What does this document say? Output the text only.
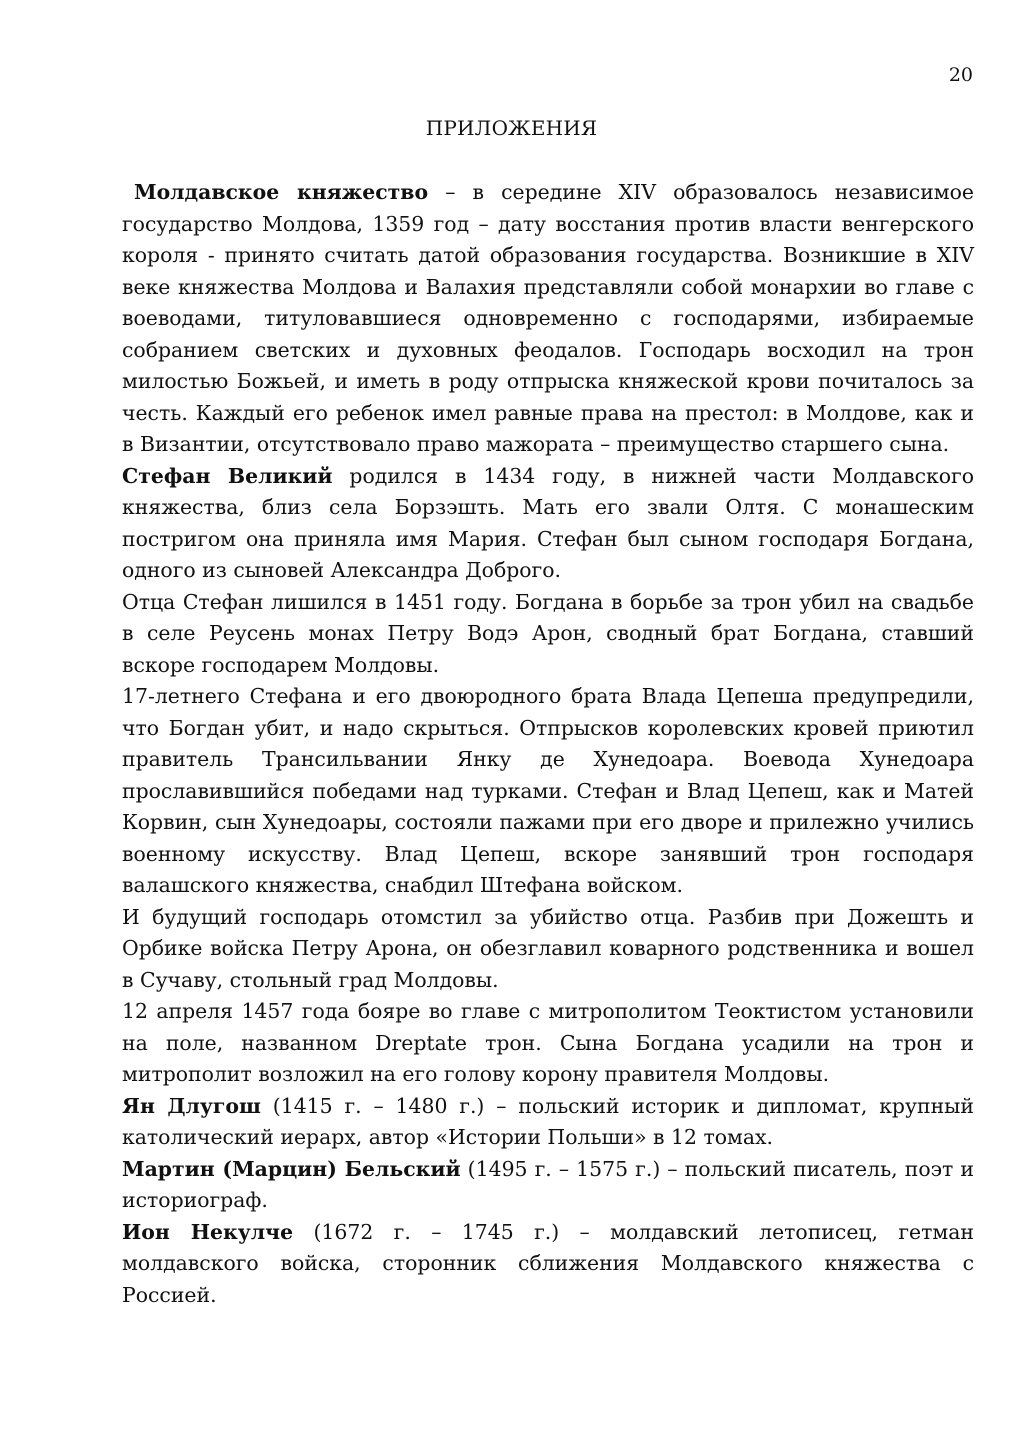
20
ПРИЛОЖЕНИЯ

Молдавское княжество – в середине XIV образовалось независимое государство Молдова, 1359 год – дату восстания против власти венгерского короля - принято считать датой образования государства. Возникшие в XIV веке княжества Молдова и Валахия представляли собой монархии во главе с воеводами, титуловавшиеся одновременно с господарями, избираемые собранием светских и духовных феодалов. Господарь восходил на трон милостью Божьей, и иметь в роду отпрыска княжеской крови почиталось за честь. Каждый его ребенок имел равные права на престол: в Молдове, как и в Византии, отсутствовало право мажората – преимущество старшего сына.

Стефан Великий родился в 1434 году, в нижней части Молдавского княжества, близ села Борзэшть. Мать его звали Олтя. С монашеским постригом она приняла имя Мария. Стефан был сыном господаря Богдана, одного из сыновей Александра Доброго.

Отца Стефан лишился в 1451 году. Богдана в борьбе за трон убил на свадьбе в селе Реусень монах Петру Водэ Арон, сводный брат Богдана, ставший вскоре господарем Молдовы.

17-летнего Стефана и его двоюродного брата Влада Цепеша предупредили, что Богдан убит, и надо скрыться. Отпрысков королевских кровей приютил правитель Трансильвании Янку де Хунедоара. Воевода Хунедоара прославившийся победами над турками. Стефан и Влад Цепеш, как и Матей Корвин, сын Хунедоары, состояли пажами при его дворе и прилежно учились военному искусству. Влад Цепеш, вскоре занявший трон господаря валашского княжества, снабдил Штефана войском.

И будущий господарь отомстил за убийство отца. Разбив при Дожешть и Орбике войска Петру Арона, он обезглавил коварного родственника и вошел в Сучаву, стольный град Молдовы.

12 апреля 1457 года бояре во главе с митрополитом Теоктистом установили на поле, названном Dreptate трон. Сына Богдана усадили на трон и митрополит возложил на его голову корону правителя Молдовы.

Ян Длугош (1415 г. – 1480 г.) – польский историк и дипломат, крупный католический иерарх, автор «Истории Польши» в 12 томах.

Мартин (Марцин) Бельский (1495 г. – 1575 г.) – польский писатель, поэт и историограф.

Ион Некулче (1672 г. – 1745 г.) – молдавский летописец, гетман молдавского войска, сторонник сближения Молдавского княжества с Россией.
